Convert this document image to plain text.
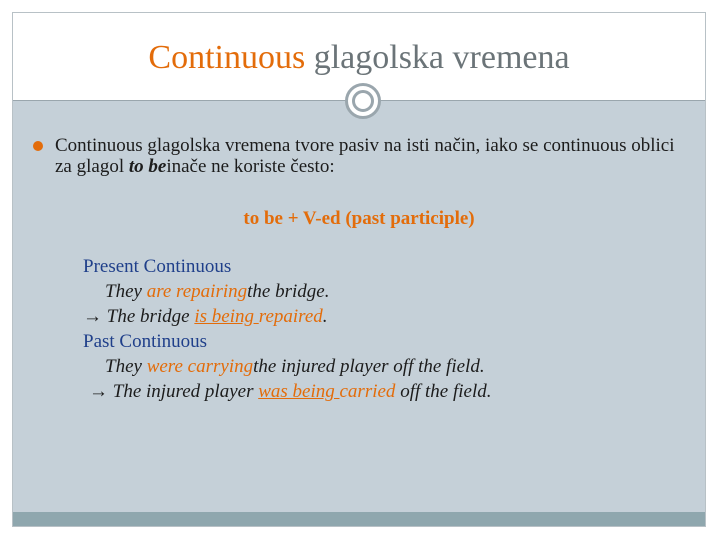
Continuous glagolska vremena
Continuous glagolska vremena tvore pasiv na isti način, iako se continuous oblici za glagol to beinače ne koriste često:
to be + V-ed (past participle)
Present Continuous
They are repairingthe bridge.
→ The bridge is being repaired.
Past Continuous
They were carryingthe injured player off the field.
→ The injured player was being carried off the field.
